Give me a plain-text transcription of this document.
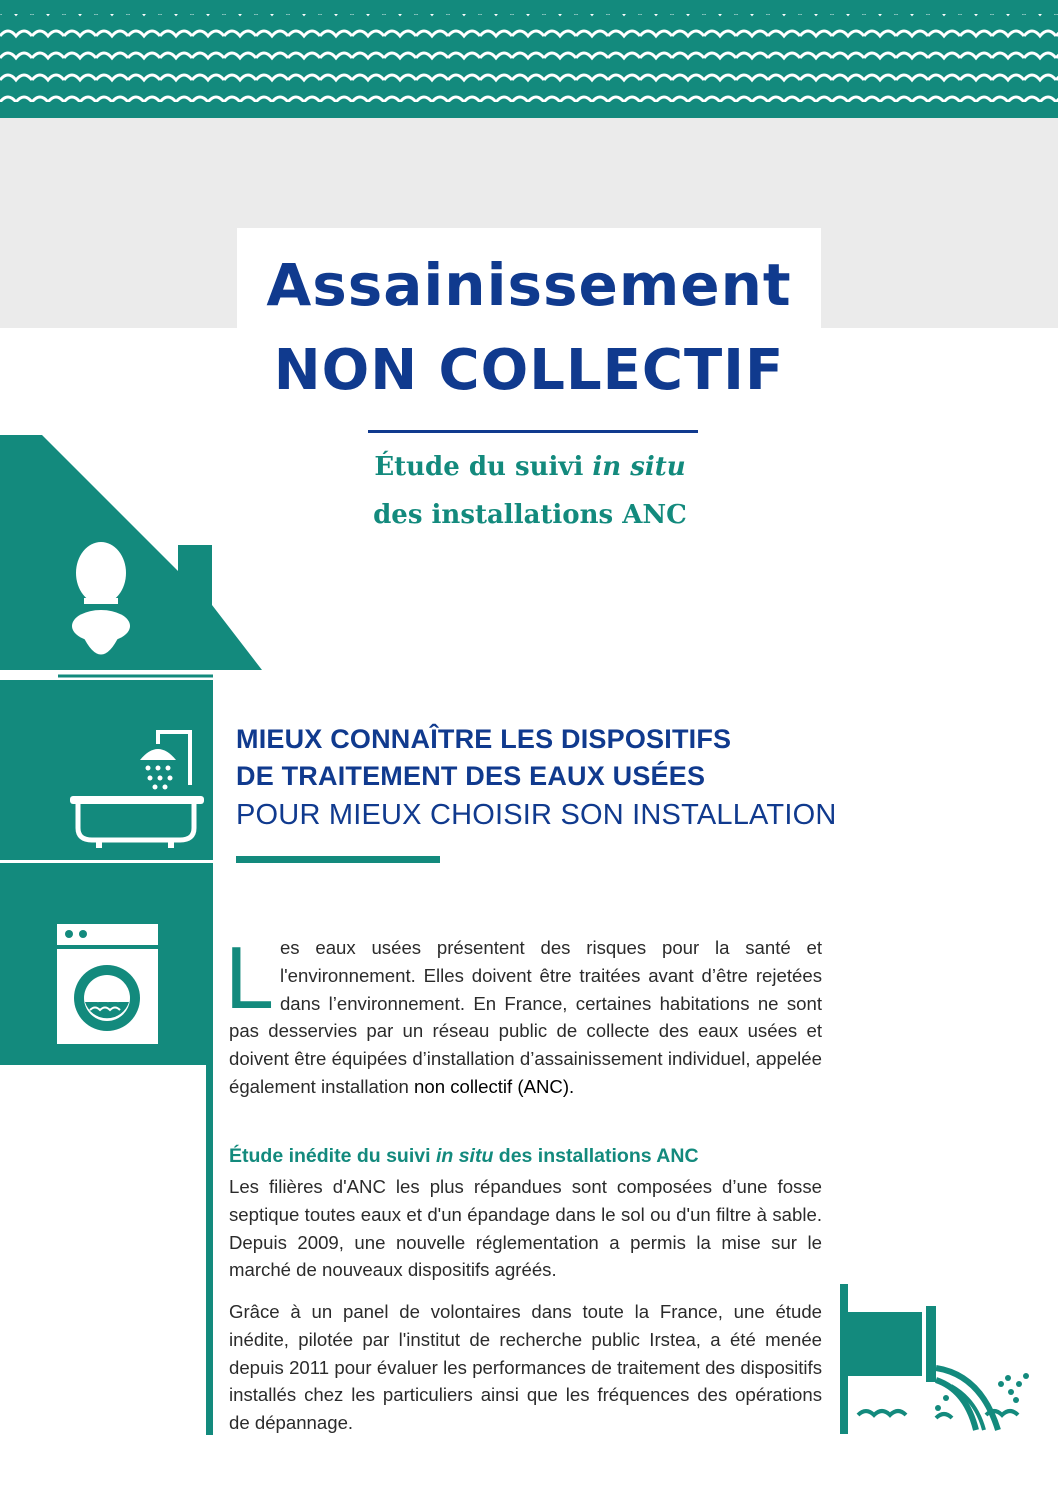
Assainissement
NON COLLECTIF
Étude du suivi in situ
des installations ANC
MIEUX CONNAÎTRE LES DISPOSITIFS
DE TRAITEMENT DES EAUX USÉES
POUR MIEUX CHOISIR SON INSTALLATION

Les eaux usées présentent des risques pour la santé et l'environnement. Elles doivent être traitées avant d’être rejetées dans l’environnement. En France, certaines habitations ne sont pas desservies par un réseau public de collecte des eaux usées et doivent être équipées d’installation d’assainissement individuel, appelée également installation non collectif (ANC).

Étude inédite du suivi in situ des installations ANC

Les filières d'ANC les plus répandues sont composées d’une fosse septique toutes eaux et d'un épandage dans le sol ou d'un filtre à sable. Depuis 2009, une nouvelle réglementation a permis la mise sur le marché de nouveaux dispositifs agréés.

Grâce à un panel de volontaires dans toute la France, une étude inédite, pilotée par l'institut de recherche public Irstea, a été menée depuis 2011 pour évaluer les performances de traitement des dispositifs installés chez les particuliers ainsi que les fréquences des opérations de dépannage.
